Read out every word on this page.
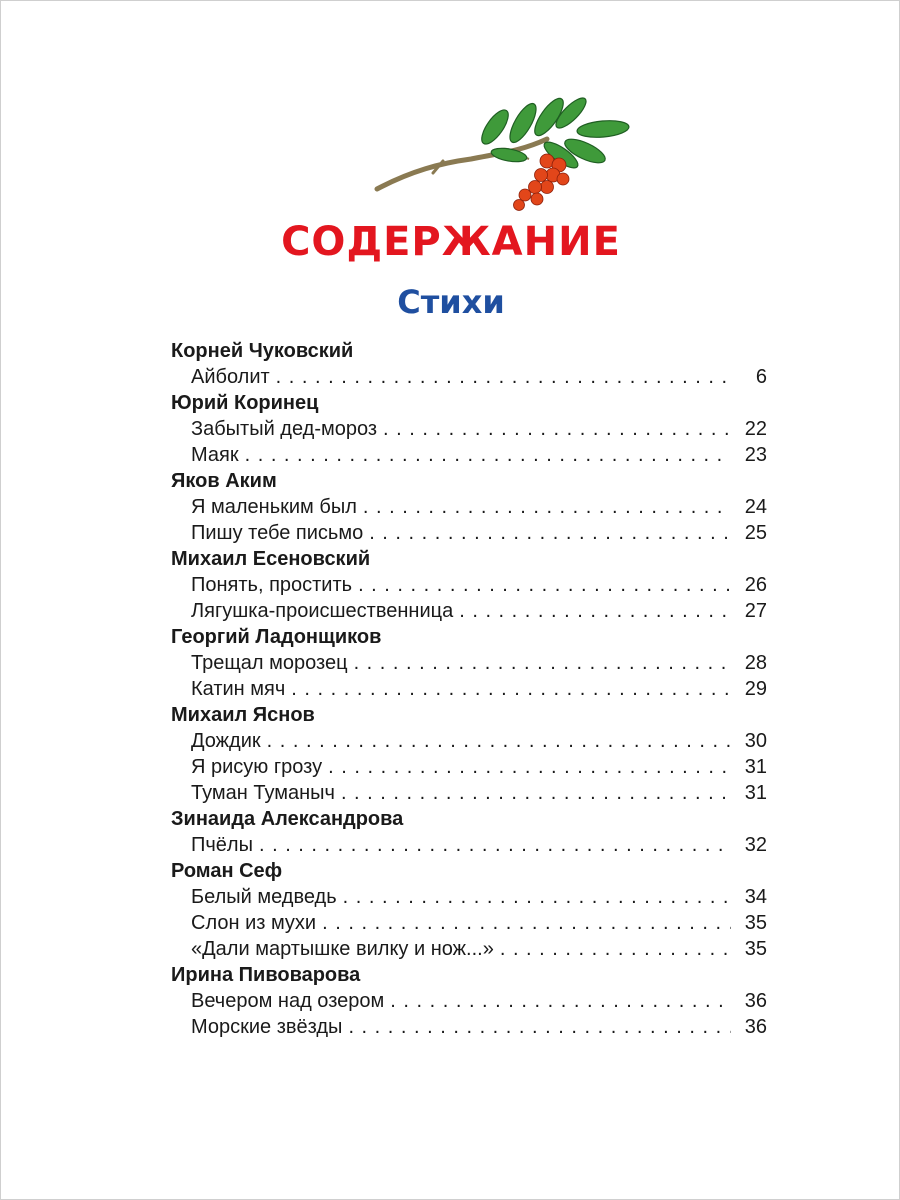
СОДЕРЖАНИЕ
Стихи
Корней Чуковский
Айболит . . .	6
Юрий Коринец
Забытый дед-мороз . . .	22
Маяк . . .	23
Яков Аким
Я маленьким был . . .	24
Пишу тебе письмо . . .	25
Михаил Есеновский
Понять, простить . . .	26
Лягушка-происшественница . . .	27
Георгий Ладонщиков
Трещал морозец . . .	28
Катин мяч . . .	29
Михаил Яснов
Дождик . . .	30
Я рисую грозу . . .	31
Туман Туманыч . . .	31
Зинаида Александрова
Пчёлы . . .	32
Роман Сеф
Белый медведь . . .	34
Слон из мухи . . .	35
«Дали мартышке вилку и нож...» . . .	35
Ирина Пивоварова
Вечером над озером . . .	36
Морские звёзды . . .	36
